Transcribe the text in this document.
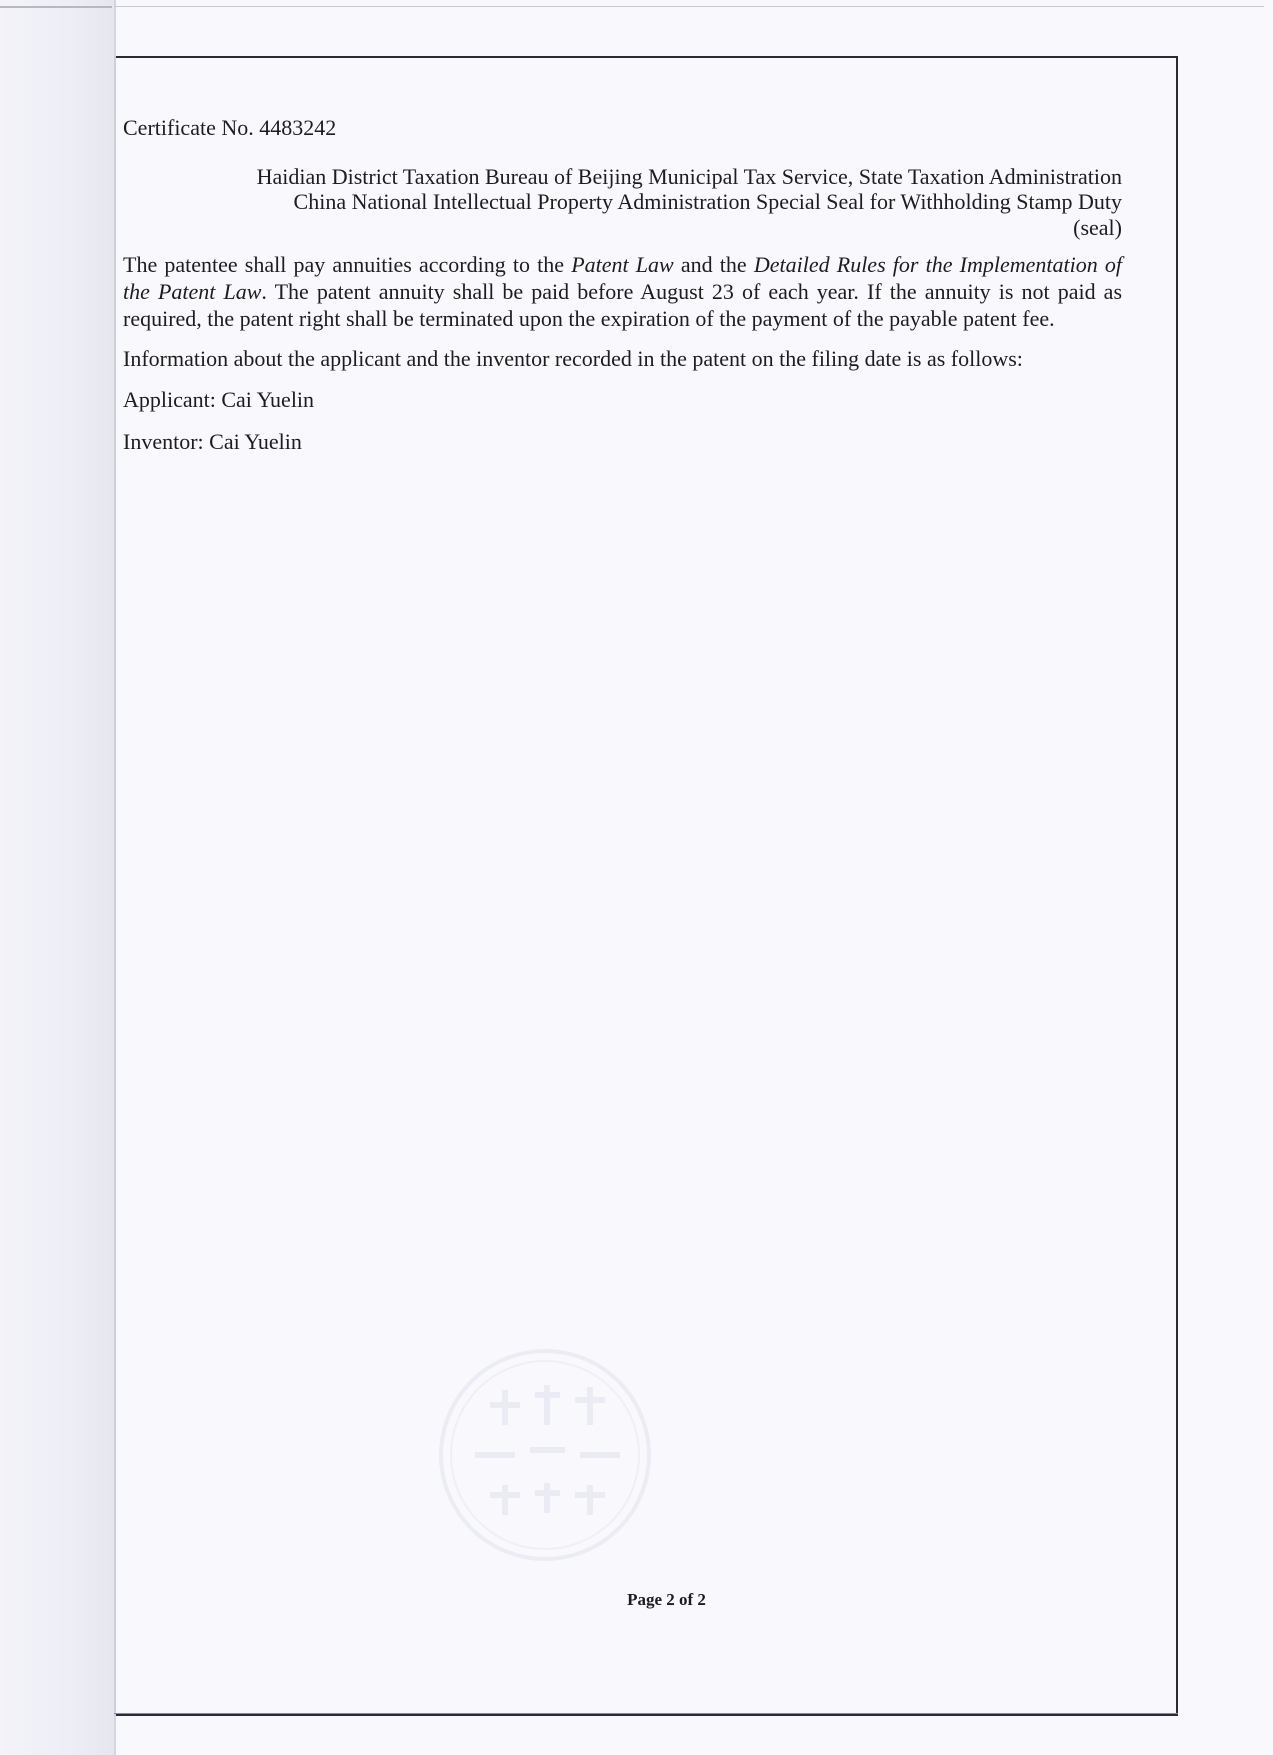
Certificate No. 4483242

Haidian District Taxation Bureau of Beijing Municipal Tax Service, State Taxation Administration
China National Intellectual Property Administration Special Seal for Withholding Stamp Duty
(seal)

The patentee shall pay annuities according to the Patent Law and the Detailed Rules for the Implementation of the Patent Law. The patent annuity shall be paid before August 23 of each year. If the annuity is not paid as required, the patent right shall be terminated upon the expiration of the payment of the payable patent fee.

Information about the applicant and the inventor recorded in the patent on the filing date is as follows:

Applicant: Cai Yuelin

Inventor: Cai Yuelin

Page 2 of 2
